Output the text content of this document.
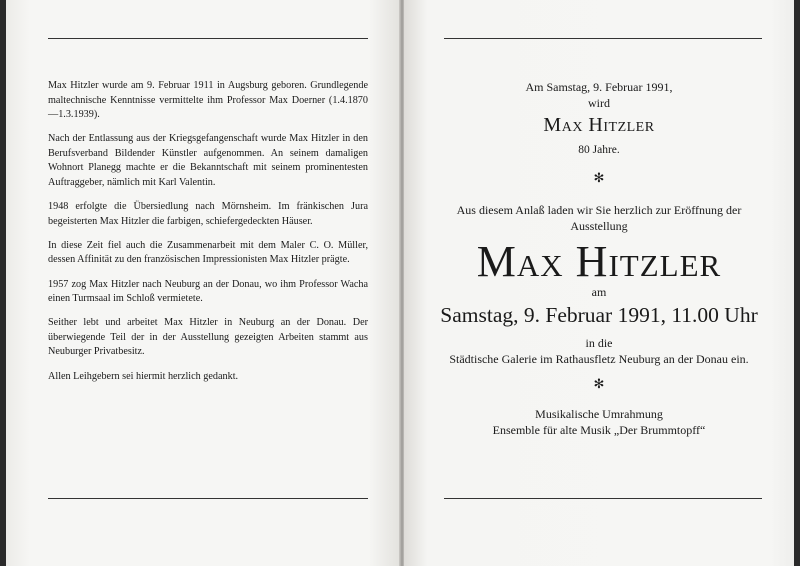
Max Hitzler wurde am 9. Februar 1911 in Augsburg geboren. Grundlegende maltechnische Kenntnisse vermittelte ihm Professor Max Doerner (1.4.1870—1.3.1939).

Nach der Entlassung aus der Kriegsgefangenschaft wurde Max Hitzler in den Berufsverband Bildender Künstler aufgenommen. An seinem damaligen Wohnort Planegg machte er die Bekanntschaft mit seinem prominentesten Auftraggeber, nämlich mit Karl Valentin.

1948 erfolgte die Übersiedlung nach Mörnsheim. Im fränkischen Jura begeisterten Max Hitzler die farbigen, schiefergedeckten Häuser.

In diese Zeit fiel auch die Zusammenarbeit mit dem Maler C. O. Müller, dessen Affinität zu den französischen Impressionisten Max Hitzler prägte.

1957 zog Max Hitzler nach Neuburg an der Donau, wo ihm Professor Wacha einen Turmsaal im Schloß vermietete.

Seither lebt und arbeitet Max Hitzler in Neuburg an der Donau. Der überwiegende Teil der in der Ausstellung gezeigten Arbeiten stammt aus Neuburger Privatbesitz.

Allen Leihgebern sei hiermit herzlich gedankt.

Am Samstag, 9. Februar 1991,
wird
Max Hitzler
80 Jahre.
✻
Aus diesem Anlaß laden wir Sie herzlich zur Eröffnung der
Ausstellung
Max Hitzler
am
Samstag, 9. Februar 1991, 11.00 Uhr
in die
Städtische Galerie im Rathausfletz Neuburg an der Donau ein.
✻
Musikalische Umrahmung
Ensemble für alte Musik „Der Brummtopff“
